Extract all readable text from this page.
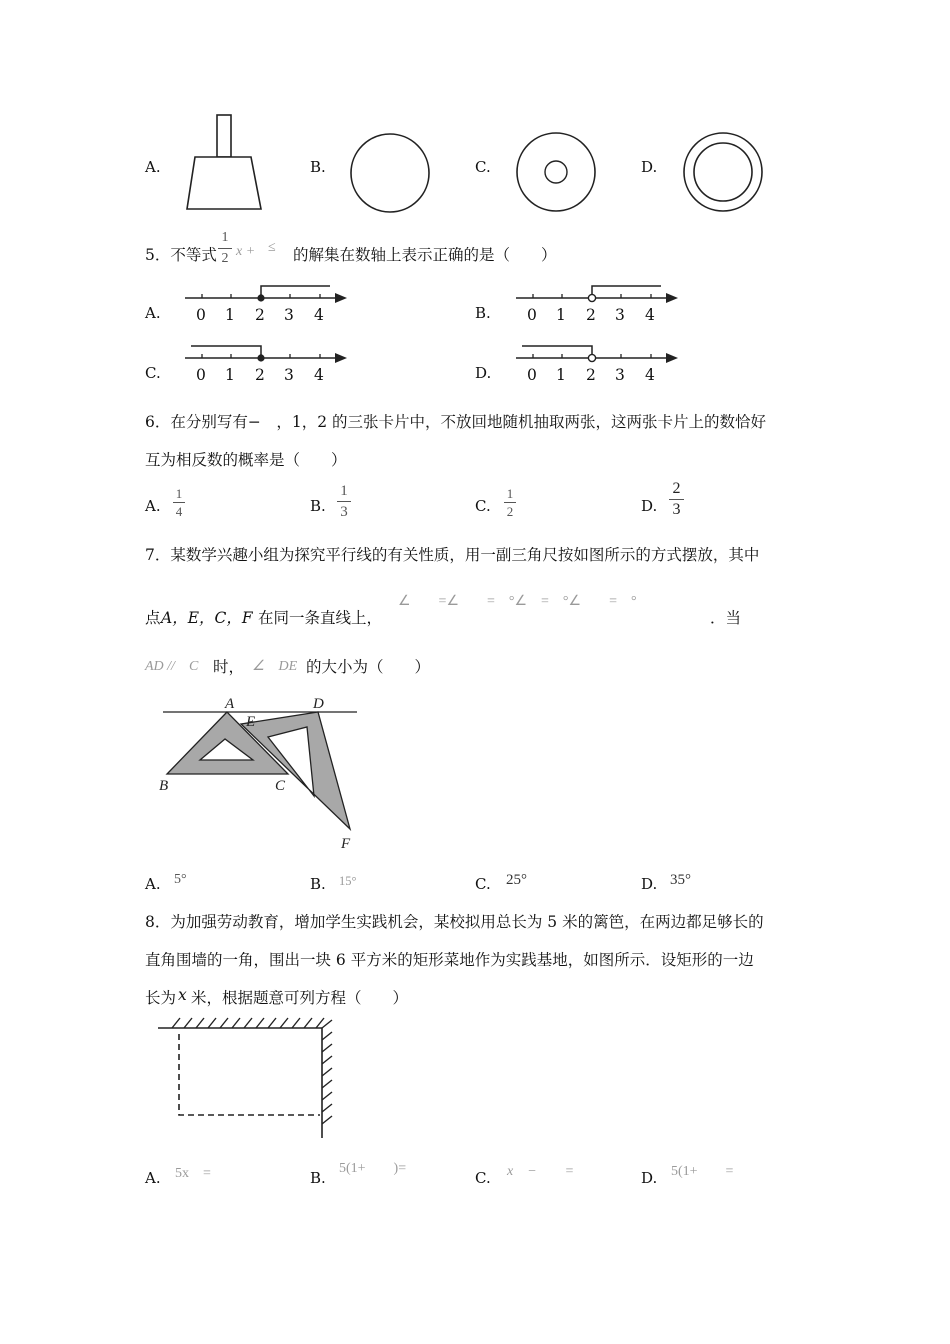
A.	B.	C.	D.
5．不等式
1
2 x + ≤ 的解集在数轴上表示正确的是（　　）
A. 0 1 2 3 4	B. 0 1 2 3 4
C. 0 1 2 3 4	D. 0 1 2 3 4
6．在分别写有−　，1，2 的三张卡片中，不放回地随机抽取两张，这两张卡片上的数恰好
互为相反数的概率是（　　）
A.
1
4	B.
1
3	C.
1
2	D.
2
3
7．某数学兴趣小组为探究平行线的有关性质，用一副三角尺按如图所示的方式摆放，其中
点 A，E，C，F 在同一条直线上，
∠　　=∠　　=　°∠　=　°∠　　=　°
．当
AD //　C 时， ∠　DE 的大小为（　　）
A	D
E
B	C
F
A. 5°	B. 15°	C. 25°	D. 35°
8．为加强劳动教育，增加学生实践机会，某校拟用总长为 5 米的篱笆，在两边都足够长的
直角围墙的一角，围出一块 6 平方米的矩形菜地作为实践基地，如图所示．设矩形的一边
长为 x 米，根据题意可列方程（　　）
A. 5x　=	B.
5(1+　　)=
C. x　−　　=	D. 5(1+　　=
